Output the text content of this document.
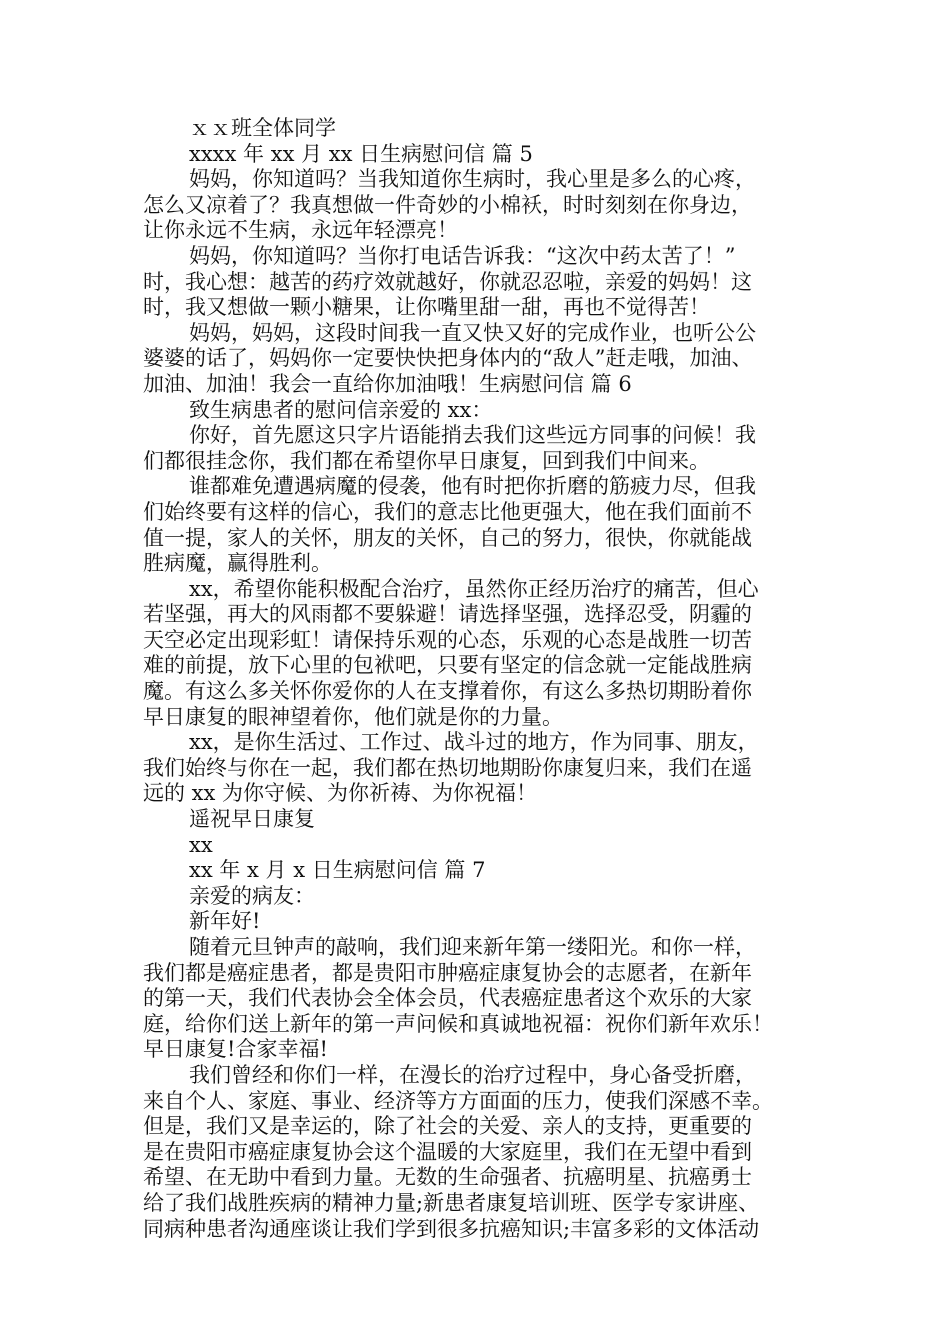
ｘｘ班全体同学
xxxx 年 xx 月 xx 日生病慰问信 篇 5
妈妈，你知道吗？当我知道你生病时，我心里是多么的心疼，
怎么又凉着了？我真想做一件奇妙的小棉袄，时时刻刻在你身边，
让你永远不生病，永远年轻漂亮！
妈妈，你知道吗？当你打电话告诉我：“这次中药太苦了！”
时，我心想：越苦的药疗效就越好，你就忍忍啦，亲爱的妈妈！这
时，我又想做一颗小糖果，让你嘴里甜一甜，再也不觉得苦！
妈妈，妈妈，这段时间我一直又快又好的完成作业，也听公公
婆婆的话了，妈妈你一定要快快把身体内的“敌人”赶走哦，加油、
加油、加油！我会一直给你加油哦！生病慰问信 篇 6
致生病患者的慰问信亲爱的 xx：
你好，首先愿这只字片语能捎去我们这些远方同事的问候！我
们都很挂念你，我们都在希望你早日康复，回到我们中间来。
谁都难免遭遇病魔的侵袭，他有时把你折磨的筋疲力尽，但我
们始终要有这样的信心，我们的意志比他更强大，他在我们面前不
值一提，家人的关怀，朋友的关怀，自己的努力，很快，你就能战
胜病魔，赢得胜利。
xx，希望你能积极配合治疗，虽然你正经历治疗的痛苦，但心
若坚强，再大的风雨都不要躲避！请选择坚强，选择忍受，阴霾的
天空必定出现彩虹！请保持乐观的心态，乐观的心态是战胜一切苦
难的前提，放下心里的包袱吧，只要有坚定的信念就一定能战胜病
魔。有这么多关怀你爱你的人在支撑着你，有这么多热切期盼着你
早日康复的眼神望着你，他们就是你的力量。
xx，是你生活过、工作过、战斗过的地方，作为同事、朋友，
我们始终与你在一起，我们都在热切地期盼你康复归来，我们在遥
远的 xx 为你守候、为你祈祷、为你祝福！
遥祝早日康复
xx
xx 年 x 月 x 日生病慰问信 篇 7
亲爱的病友：
新年好!
随着元旦钟声的敲响，我们迎来新年第一缕阳光。和你一样，
我们都是癌症患者，都是贵阳市肿癌症康复协会的志愿者，在新年
的第一天，我们代表协会全体会员，代表癌症患者这个欢乐的大家
庭，给你们送上新年的第一声问候和真诚地祝福：祝你们新年欢乐！
早日康复!合家幸福!
我们曾经和你们一样，在漫长的治疗过程中，身心备受折磨，
来自个人、家庭、事业、经济等方方面面的压力，使我们深感不幸。
但是，我们又是幸运的，除了社会的关爱、亲人的支持，更重要的
是在贵阳市癌症康复协会这个温暖的大家庭里，我们在无望中看到
希望、在无助中看到力量。无数的生命强者、抗癌明星、抗癌勇士
给了我们战胜疾病的精神力量;新患者康复培训班、医学专家讲座、
同病种患者沟通座谈让我们学到很多抗癌知识;丰富多彩的文体活动
